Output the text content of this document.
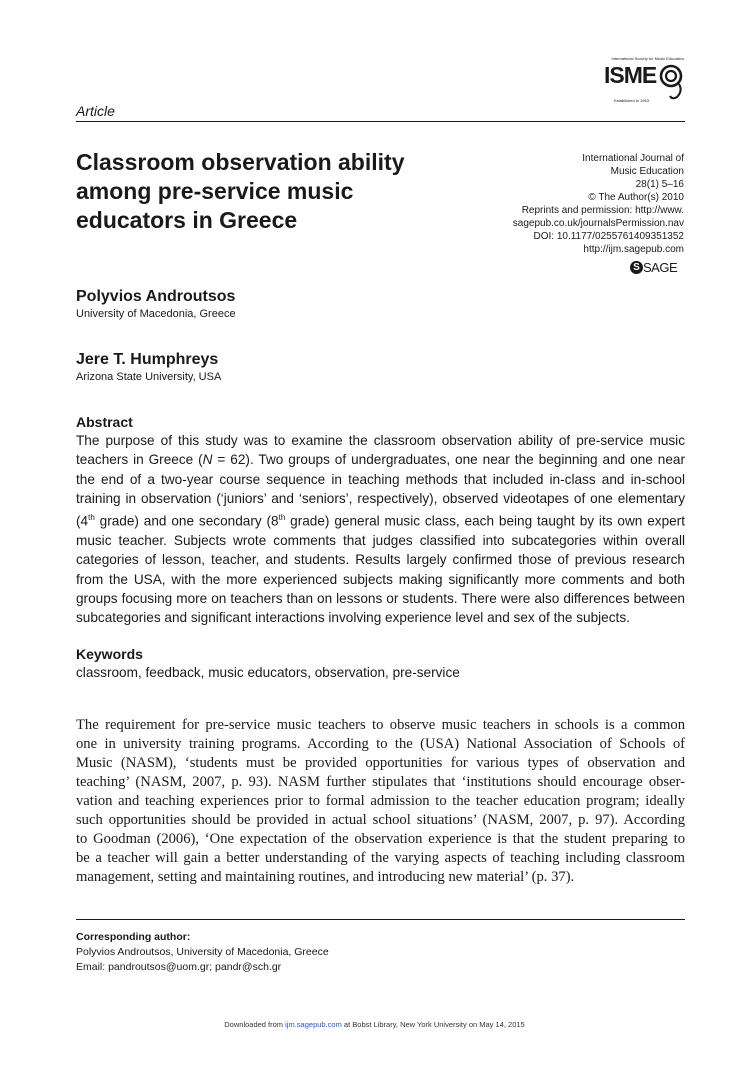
International Society for Music Education
ISME
Established in 1953
Article
Classroom observation ability among pre-service music educators in Greece
International Journal of
Music Education
28(1) 5–16
© The Author(s) 2010
Reprints and permission: http://www.
sagepub.co.uk/journalsPermission.nav
DOI: 10.1177/0255761409351352
http://ijm.sagepub.com
S SAGE
Polyvios Androutsos
University of Macedonia, Greece
Jere T. Humphreys
Arizona State University, USA
Abstract
The purpose of this study was to examine the classroom observation ability of pre-service music
teachers in Greece (N = 62). Two groups of undergraduates, one near the beginning and one near
the end of a two-year course sequence in teaching methods that included in-class and in-school
training in observation (‘juniors’ and ‘seniors’, respectively), observed videotapes of one elementary
(4th grade) and one secondary (8th grade) general music class, each being taught by its own expert
music teacher. Subjects wrote comments that judges classified into subcategories within overall
categories of lesson, teacher, and students. Results largely confirmed those of previous research
from the USA, with the more experienced subjects making significantly more comments and both
groups focusing more on teachers than on lessons or students. There were also differences between
subcategories and significant interactions involving experience level and sex of the subjects.
Keywords
classroom, feedback, music educators, observation, pre-service
The requirement for pre-service music teachers to observe music teachers in schools is a common
one in university training programs. According to the (USA) National Association of Schools of
Music (NASM), ‘students must be provided opportunities for various types of observation and
teaching’ (NASM, 2007, p. 93). NASM further stipulates that ‘institutions should encourage obser-
vation and teaching experiences prior to formal admission to the teacher education program; ideally
such opportunities should be provided in actual school situations’ (NASM, 2007, p. 97). According
to Goodman (2006), ‘One expectation of the observation experience is that the student preparing to
be a teacher will gain a better understanding of the varying aspects of teaching including classroom
management, setting and maintaining routines, and introducing new material’ (p. 37).
Corresponding author:
Polyvios Androutsos, University of Macedonia, Greece
Email: pandroutsos@uom.gr; pandr@sch.gr
Downloaded from ijm.sagepub.com at Bobst Library, New York University on May 14, 2015
